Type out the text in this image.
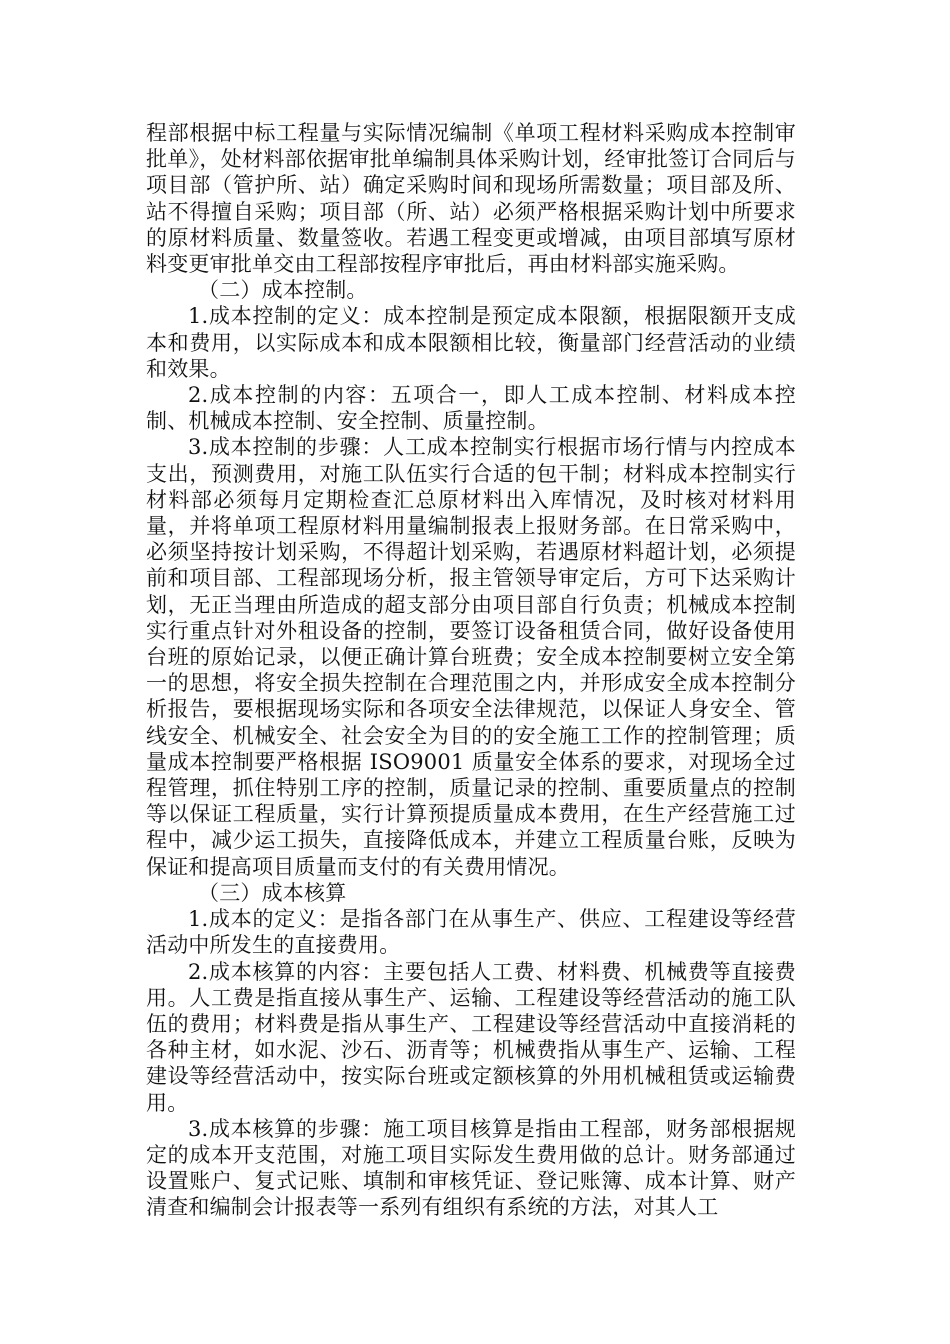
程部根据中标工程量与实际情况编制《单项工程材料采购成本控制审批单》，处材料部依据审批单编制具体采购计划，经审批签订合同后与项目部（管护所、站）确定采购时间和现场所需数量；项目部及所、站不得擅自采购；项目部（所、站）必须严格根据采购计划中所要求的原材料质量、数量签收。若遇工程变更或增减，由项目部填写原材料变更审批单交由工程部按程序审批后，再由材料部实施采购。

（二）成本控制。

1.成本控制的定义：成本控制是预定成本限额，根据限额开支成本和费用，以实际成本和成本限额相比较，衡量部门经营活动的业绩和效果。

2.成本控制的内容：五项合一，即人工成本控制、材料成本控制、机械成本控制、安全控制、质量控制。

3.成本控制的步骤：人工成本控制实行根据市场行情与内控成本支出，预测费用，对施工队伍实行合适的包干制；材料成本控制实行材料部必须每月定期检查汇总原材料出入库情况，及时核对材料用量，并将单项工程原材料用量编制报表上报财务部。在日常采购中，必须坚持按计划采购，不得超计划采购，若遇原材料超计划，必须提前和项目部、工程部现场分析，报主管领导审定后，方可下达采购计划，无正当理由所造成的超支部分由项目部自行负责；机械成本控制实行重点针对外租设备的控制，要签订设备租赁合同，做好设备使用台班的原始记录，以便正确计算台班费；安全成本控制要树立安全第一的思想，将安全损失控制在合理范围之内，并形成安全成本控制分析报告，要根据现场实际和各项安全法律规范，以保证人身安全、管线安全、机械安全、社会安全为目的的安全施工工作的控制管理；质量成本控制要严格根据 ISO9001 质量安全体系的要求，对现场全过程管理，抓住特别工序的控制，质量记录的控制、重要质量点的控制等以保证工程质量，实行计算预提质量成本费用，在生产经营施工过程中，减少运工损失，直接降低成本，并建立工程质量台账，反映为保证和提高项目质量而支付的有关费用情况。

（三）成本核算

1.成本的定义：是指各部门在从事生产、供应、工程建设等经营活动中所发生的直接费用。

2.成本核算的内容：主要包括人工费、材料费、机械费等直接费用。人工费是指直接从事生产、运输、工程建设等经营活动的施工队伍的费用；材料费是指从事生产、工程建设等经营活动中直接消耗的各种主材，如水泥、沙石、沥青等；机械费指从事生产、运输、工程建设等经营活动中，按实际台班或定额核算的外用机械租赁或运输费用。

3.成本核算的步骤：施工项目核算是指由工程部，财务部根据规定的成本开支范围，对施工项目实际发生费用做的总计。财务部通过设置账户、复式记账、填制和审核凭证、登记账簿、成本计算、财产清查和编制会计报表等一系列有组织有系统的方法，对其人工
